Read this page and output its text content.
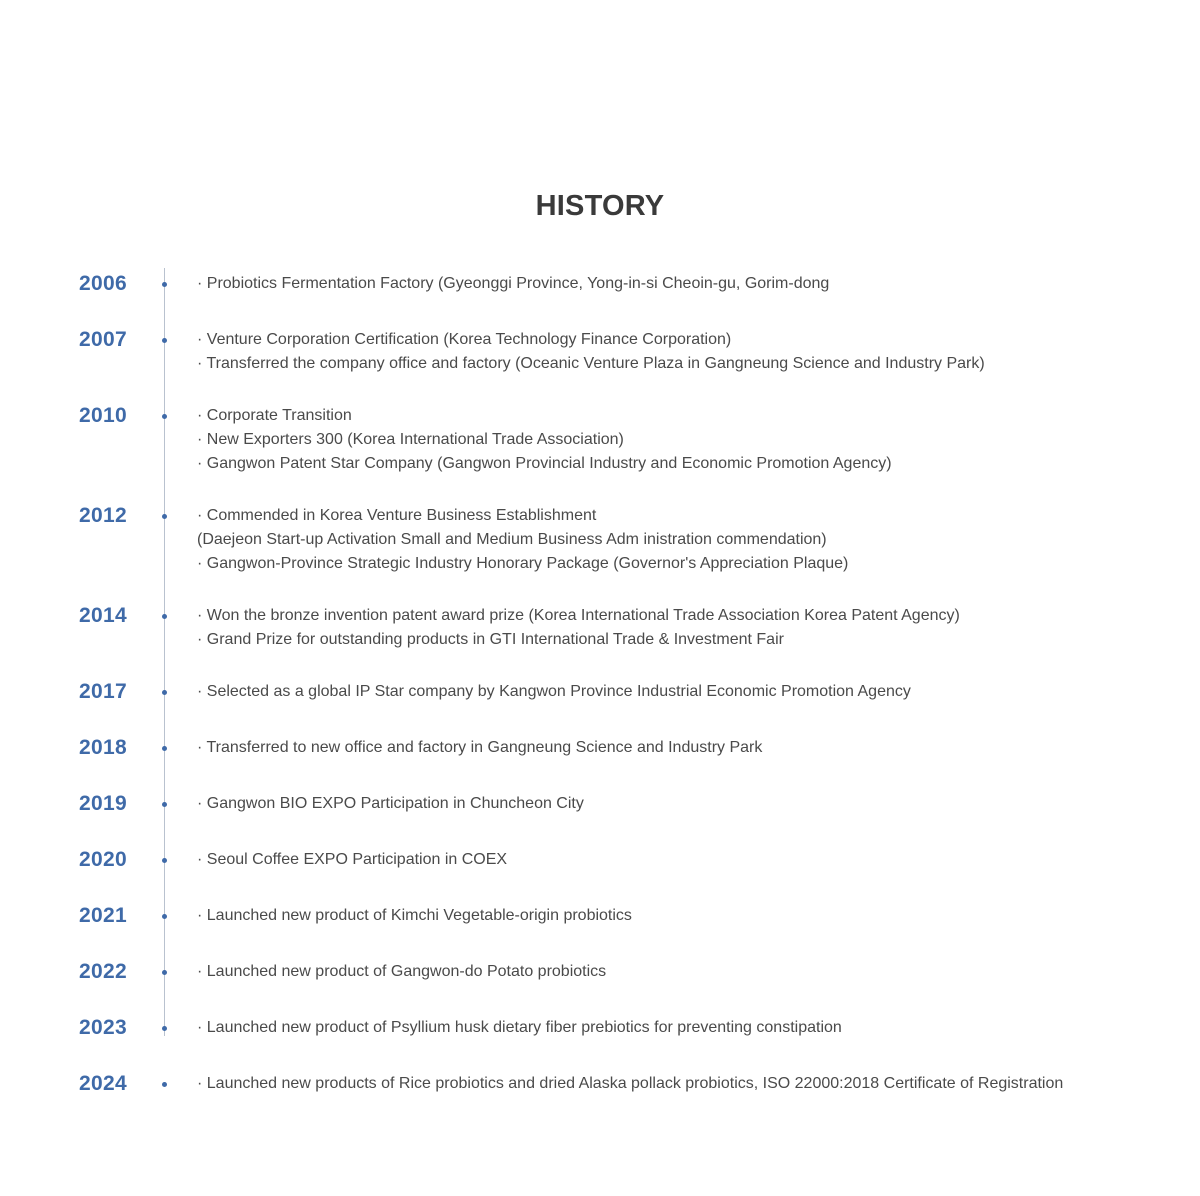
HISTORY
2006	· Probiotics Fermentation Factory (Gyeonggi Province, Yong-in-si Cheoin-gu, Gorim-dong
2007	· Venture Corporation Certification (Korea Technology Finance Corporation)
· Transferred the company office and factory (Oceanic Venture Plaza in Gangneung Science and Industry Park)
2010	· Corporate Transition
· New Exporters 300 (Korea International Trade Association)
· Gangwon Patent Star Company (Gangwon Provincial Industry and Economic Promotion Agency)
2012	· Commended in Korea Venture Business Establishment
(Daejeon Start-up Activation Small and Medium Business Adm inistration commendation)
· Gangwon-Province Strategic Industry Honorary Package (Governor's Appreciation Plaque)
2014	· Won the bronze invention patent award prize (Korea International Trade Association Korea Patent Agency)
· Grand Prize for outstanding products in GTI International Trade & Investment Fair
2017	· Selected as a global IP Star company by Kangwon Province Industrial Economic Promotion Agency
2018	· Transferred to new office and factory in Gangneung Science and Industry Park
2019	· Gangwon BIO EXPO Participation in Chuncheon City
2020	· Seoul Coffee EXPO Participation in COEX
2021	· Launched new product of Kimchi Vegetable-origin probiotics
2022	· Launched new product of Gangwon-do Potato probiotics
2023	· Launched new product of Psyllium husk dietary fiber prebiotics for preventing constipation
2024	· Launched new products of Rice probiotics and dried Alaska pollack probiotics, ISO 22000:2018 Certificate of Registration
